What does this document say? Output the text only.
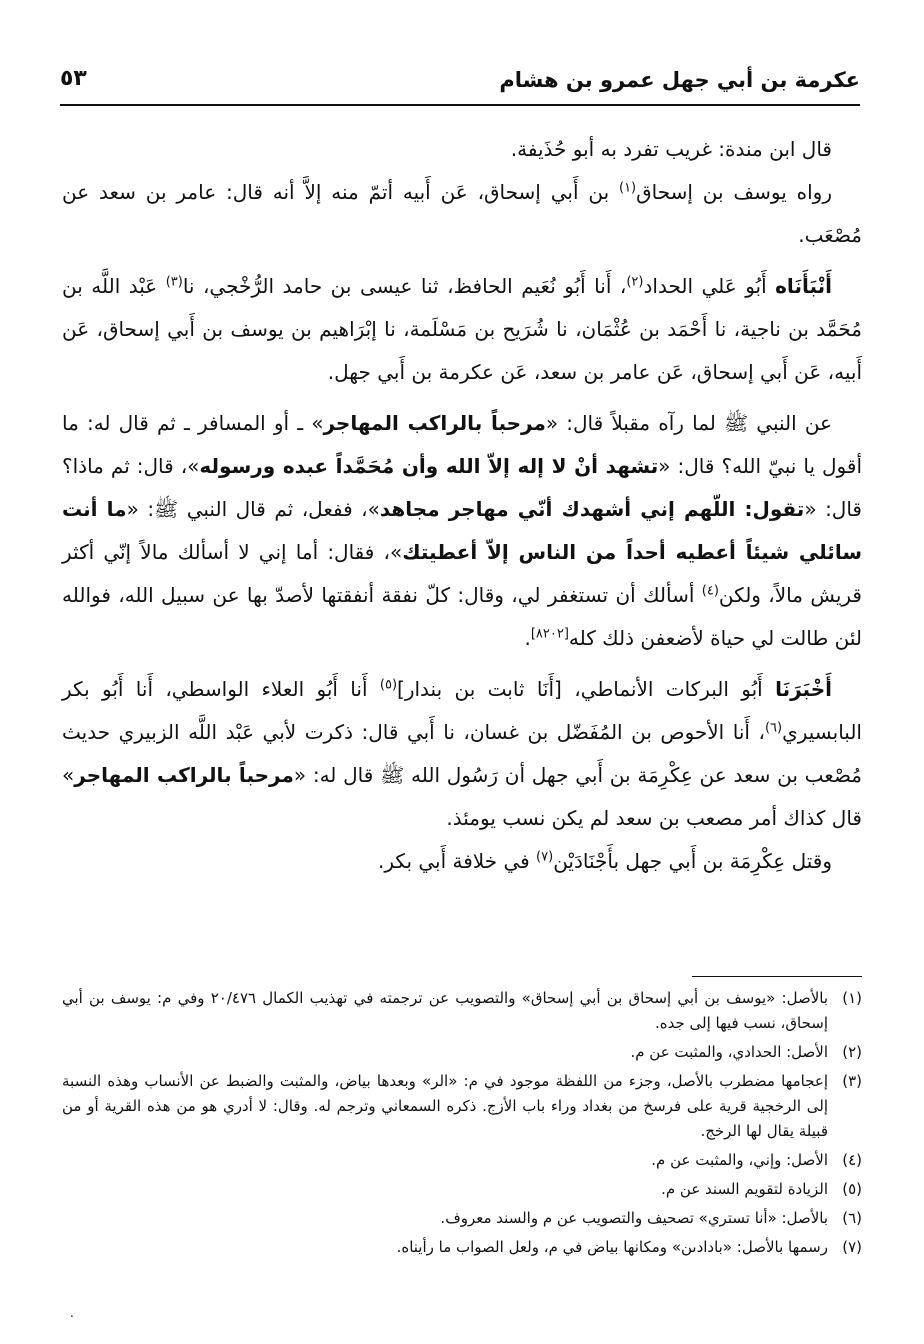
عكرمة بن أبي جهل عمرو بن هشام
٥٣

قال ابن مندة: غريب تفرد به أبو حُذَيفة.

رواه يوسف بن إسحاق$^{(١)}$ بن أَبي إسحاق، عَن أَبيه أتمّ منه إلاَّ أنه قال: عامر بن سعد عن مُصْعَب.

أَنْبَأَنَاه أَبُو عَلي الحداد$^{(٢)}$، أَنا أَبُو نُعَيم الحافظ، ثنا عيسى بن حامد الرُّخْجي، نا$^{(٣)}$ عَبْد اللَّه بن مُحَمَّد بن ناجية، نا أَحْمَد بن عُثْمَان، نا شُرَيح بن مَسْلَمة، نا إبْرَاهيم بن يوسف بن أَبي إسحاق، عَن أَبيه، عَن أَبي إسحاق، عَن عامر بن سعد، عَن عكرمة بن أَبي جهل.

عن النبي ﷺ لما رآه مقبلاً قال: «مرحباً بالراكب المهاجر» ـ أو المسافر ـ ثم قال له: ما أقول يا نبيّ الله؟ قال: «تشهد أنْ لا إله إلاّ الله وأن مُحَمَّداً عبده ورسوله»، قال: ثم ماذا؟ قال: «تقول: اللّهم إني أشهدك أنّي مهاجر مجاهد»، ففعل، ثم قال النبي ﷺ: «ما أنت سائلي شيئاً أعطيه أحداً من الناس إلاّ أعطيتك»، فقال: أما إني لا أسألك مالاً إنّي أكثر قريش مالاً، ولكن$^{(٤)}$ أسألك أن تستغفر لي، وقال: كلّ نفقة أنفقتها لأصدّ بها عن سبيل الله، فوالله لئن طالت لي حياة لأضعفن ذلك كله[٨٢٠٢].

أَخْبَرَنَا أَبُو البركات الأنماطي، [أَنَا ثابت بن بندار]$^{(٥)}$ أَنا أَبُو العلاء الواسطي، أَنا أَبُو بكر البابسيري$^{(٦)}$، أَنا الأحوص بن المُفَضّل بن غسان، نا أَبي قال: ذكرت لأبي عَبْد اللَّه الزبيري حديث مُصْعب بن سعد عن عِكْرِمَة بن أَبي جهل أن رَسُول الله ﷺ قال له: «مرحباً بالراكب المهاجر» قال كذاك أمر مصعب بن سعد لم يكن نسب يومئذ.

وقتل عِكْرِمَة بن أَبي جهل بأَجْنَادَيْن$^{(٧)}$ في خلافة أَبي بكر.

(١)
بالأصل: «يوسف بن أبي إسحاق بن أبي إسحاق» والتصويب عن ترجمته في تهذيب الكمال ٢٠/٤٧٦ وفي م: يوسف بن أبي إسحاق، نسب فيها إلى جده.
(٢)
الأصل: الحدادي، والمثبت عن م.
(٣)
إعجامها مضطرب بالأصل، وجزء من اللفظة موجود في م: «الر» وبعدها بياض، والمثبت والضبط عن الأنساب وهذه النسبة إلى الرخجية قرية على فرسخ من بغداد وراء باب الأزج. ذكره السمعاني وترجم له. وقال: لا أدري هو من هذه القرية أو من قبيلة يقال لها الرخج.
(٤)
الأصل: وإني، والمثبت عن م.
(٥)
الزيادة لتقويم السند عن م.
(٦)
بالأصل: «أنا تستري» تصحيف والتصويب عن م والسند معروف.
(٧)
رسمها بالأصل: «بادادىن» ومكانها بياض في م، ولعل الصواب ما رأيناه.
.
